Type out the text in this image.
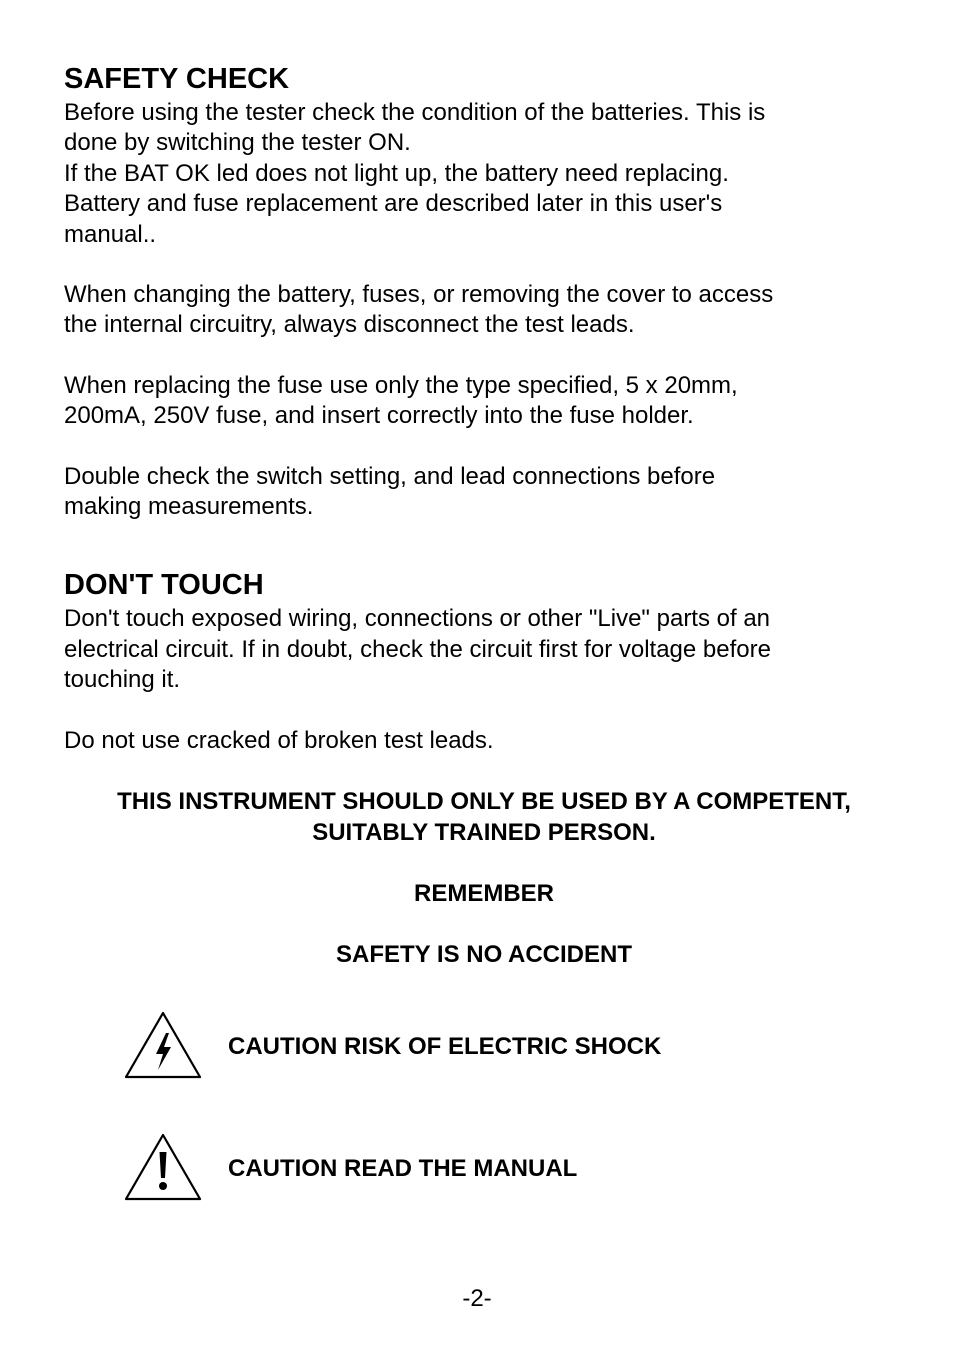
SAFETY CHECK

Before using the tester check the condition of the batteries. This is
done by switching the tester ON.
If the BAT OK led does not light up, the battery need replacing.
Battery and fuse replacement are described later in this user's
manual..

When changing the battery, fuses, or removing the cover to access
the internal circuitry, always disconnect the test leads.

When replacing the fuse use only the type specified, 5 x 20mm,
200mA, 250V fuse, and insert correctly into the fuse holder.

Double check the switch setting, and lead connections before
making measurements.

DON'T TOUCH

Don't touch exposed wiring, connections or other "Live" parts of an
electrical circuit. If in doubt, check the circuit first for voltage before
touching it.

Do not use cracked of broken test leads.

THIS INSTRUMENT SHOULD ONLY BE USED BY A COMPETENT,

SUITABLY TRAINED PERSON.

REMEMBER

SAFETY IS NO ACCIDENT

CAUTION RISK OF ELECTRIC SHOCK
CAUTION READ THE MANUAL
-2-
